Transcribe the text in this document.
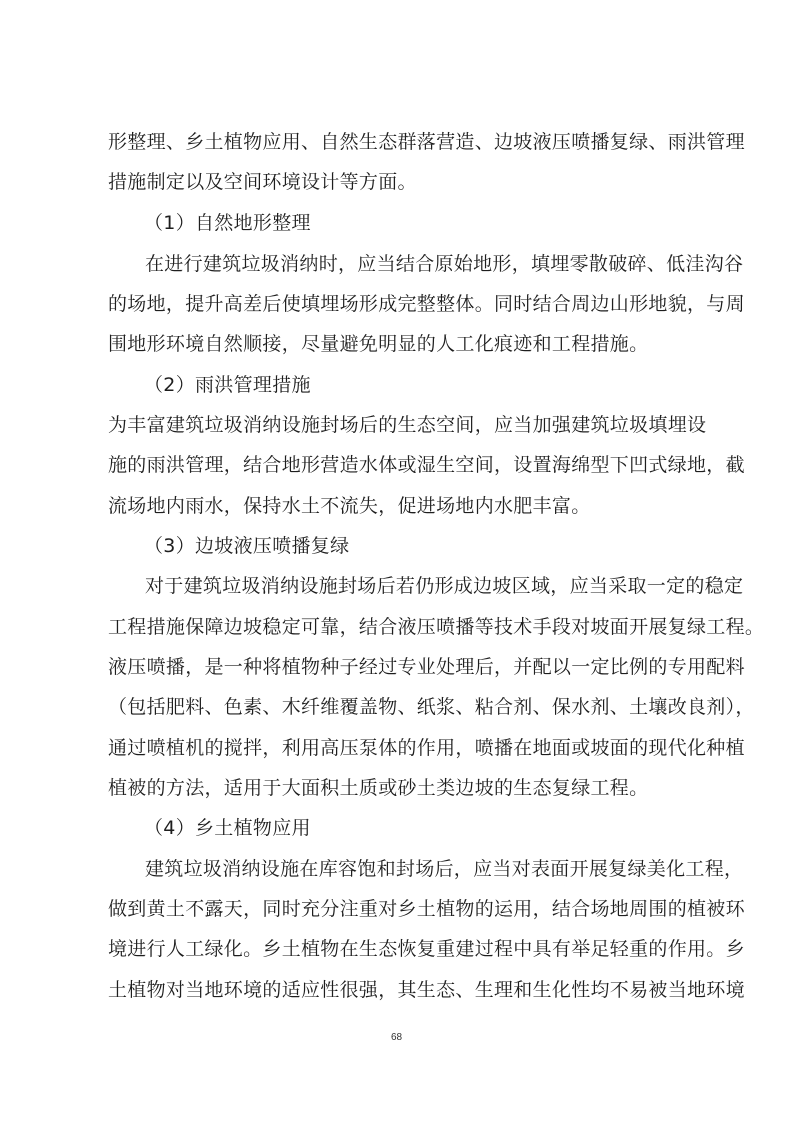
形整理、乡土植物应用、自然生态群落营造、边坡液压喷播复绿、雨洪管理
措施制定以及空间环境设计等方面。
（1）自然地形整理
在进行建筑垃圾消纳时，应当结合原始地形，填埋零散破碎、低洼沟谷
的场地，提升高差后使填埋场形成完整整体。同时结合周边山形地貌，与周
围地形环境自然顺接，尽量避免明显的人工化痕迹和工程措施。
（2）雨洪管理措施
为丰富建筑垃圾消纳设施封场后的生态空间，应当加强建筑垃圾填埋设
施的雨洪管理，结合地形营造水体或湿生空间，设置海绵型下凹式绿地，截
流场地内雨水，保持水土不流失，促进场地内水肥丰富。
（3）边坡液压喷播复绿
对于建筑垃圾消纳设施封场后若仍形成边坡区域，应当采取一定的稳定
工程措施保障边坡稳定可靠，结合液压喷播等技术手段对坡面开展复绿工程。
液压喷播，是一种将植物种子经过专业处理后，并配以一定比例的专用配料
（包括肥料、色素、木纤维覆盖物、纸浆、粘合剂、保水剂、土壤改良剂），
通过喷植机的搅拌，利用高压泵体的作用，喷播在地面或坡面的现代化种植
植被的方法，适用于大面积土质或砂土类边坡的生态复绿工程。
（4）乡土植物应用
建筑垃圾消纳设施在库容饱和封场后，应当对表面开展复绿美化工程，
做到黄土不露天，同时充分注重对乡土植物的运用，结合场地周围的植被环
境进行人工绿化。乡土植物在生态恢复重建过程中具有举足轻重的作用。乡
土植物对当地环境的适应性很强，其生态、生理和生化性均不易被当地环境
68
